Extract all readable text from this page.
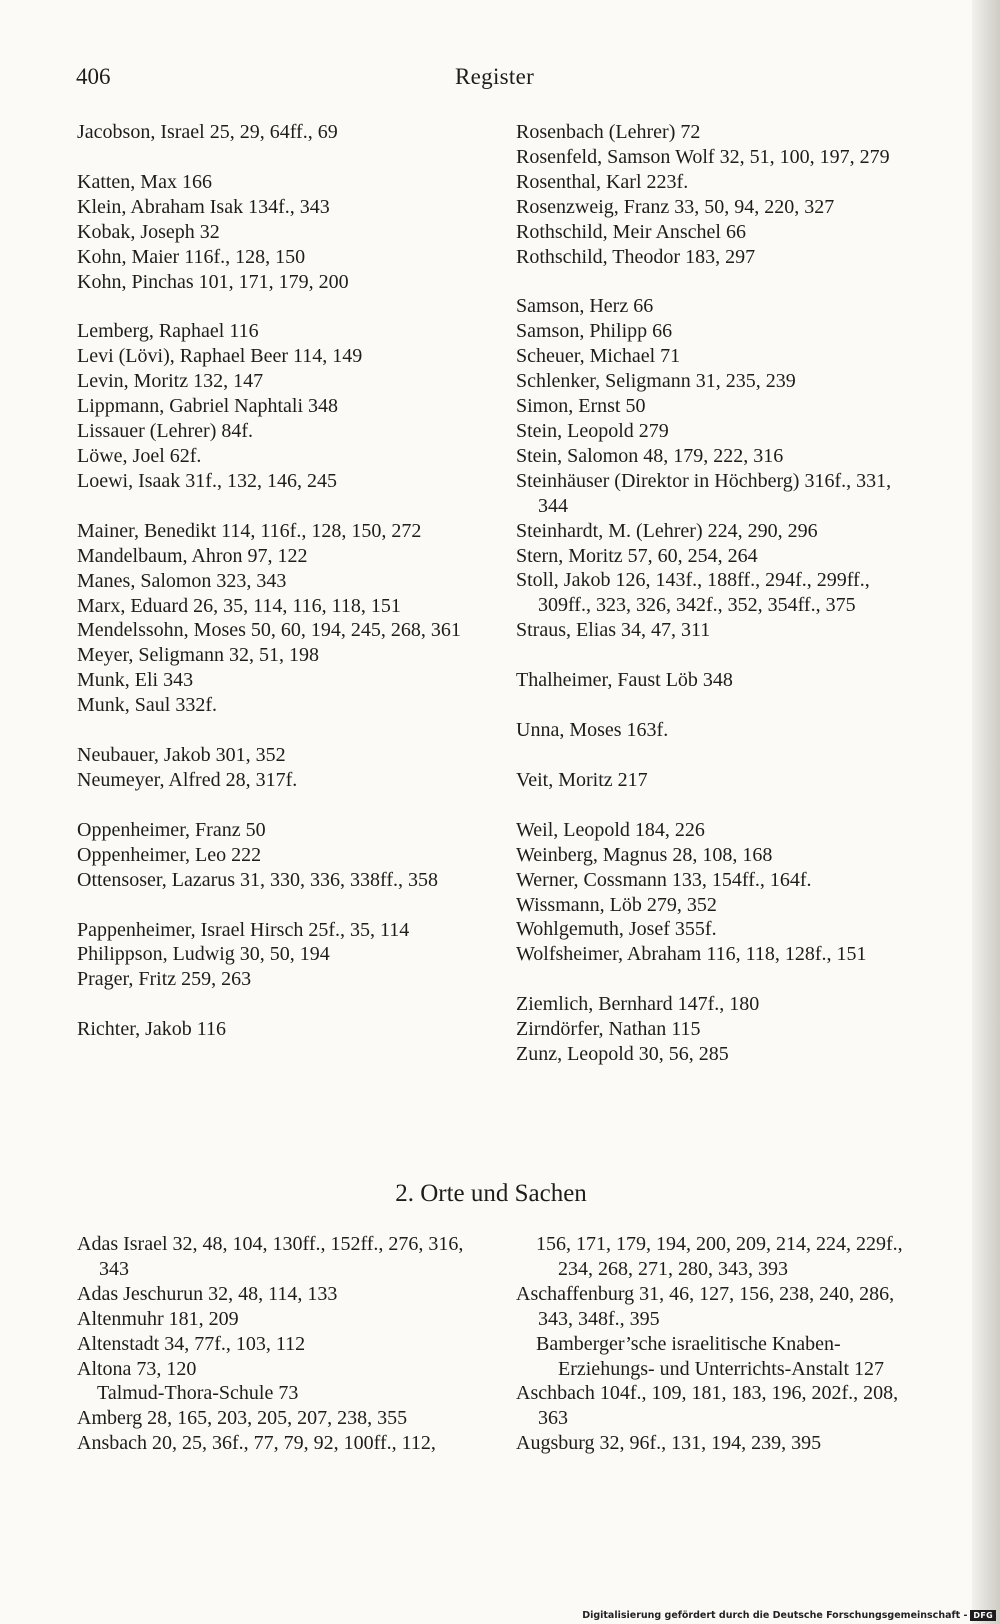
406	Register

Jacobson, Israel 25, 29, 64ff., 69

Katten, Max 166

Klein, Abraham Isak 134f., 343

Kobak, Joseph 32

Kohn, Maier 116f., 128, 150

Kohn, Pinchas 101, 171, 179, 200

Lemberg, Raphael 116

Levi (Lövi), Raphael Beer 114, 149

Levin, Moritz 132, 147

Lippmann, Gabriel Naphtali 348

Lissauer (Lehrer) 84f.

Löwe, Joel 62f.

Loewi, Isaak 31f., 132, 146, 245

Mainer, Benedikt 114, 116f., 128, 150, 272

Mandelbaum, Ahron 97, 122

Manes, Salomon 323, 343

Marx, Eduard 26, 35, 114, 116, 118, 151

Mendelssohn, Moses 50, 60, 194, 245, 268, 361

Meyer, Seligmann 32, 51, 198

Munk, Eli 343

Munk, Saul 332f.

Neubauer, Jakob 301, 352

Neumeyer, Alfred 28, 317f.

Oppenheimer, Franz 50

Oppenheimer, Leo 222

Ottensoser, Lazarus 31, 330, 336, 338ff., 358

Pappenheimer, Israel Hirsch 25f., 35, 114

Philippson, Ludwig 30, 50, 194

Prager, Fritz 259, 263

Richter, Jakob 116

Rosenbach (Lehrer) 72

Rosenfeld, Samson Wolf 32, 51, 100, 197, 279

Rosenthal, Karl 223f.

Rosenzweig, Franz 33, 50, 94, 220, 327

Rothschild, Meir Anschel 66

Rothschild, Theodor 183, 297

Samson, Herz 66

Samson, Philipp 66

Scheuer, Michael 71

Schlenker, Seligmann 31, 235, 239

Simon, Ernst 50

Stein, Leopold 279

Stein, Salomon 48, 179, 222, 316

Steinhäuser (Direktor in Höchberg) 316f., 331, 344

Steinhardt, M. (Lehrer) 224, 290, 296

Stern, Moritz 57, 60, 254, 264

Stoll, Jakob 126, 143f., 188ff., 294f., 299ff., 309ff., 323, 326, 342f., 352, 354ff., 375

Straus, Elias 34, 47, 311

Thalheimer, Faust Löb 348

Unna, Moses 163f.

Veit, Moritz 217

Weil, Leopold 184, 226

Weinberg, Magnus 28, 108, 168

Werner, Cossmann 133, 154ff., 164f.

Wissmann, Löb 279, 352

Wohlgemuth, Josef 355f.

Wolfsheimer, Abraham 116, 118, 128f., 151

Ziemlich, Bernhard 147f., 180

Zirndörfer, Nathan 115

Zunz, Leopold 30, 56, 285

2. Orte und Sachen

Adas Israel 32, 48, 104, 130ff., 152ff., 276, 316, 343

Adas Jeschurun 32, 48, 114, 133

Altenmuhr 181, 209

Altenstadt 34, 77f., 103, 112

Altona 73, 120

Talmud-Thora-Schule 73

Amberg 28, 165, 203, 205, 207, 238, 355

Ansbach 20, 25, 36f., 77, 79, 92, 100ff., 112,

156, 171, 179, 194, 200, 209, 214, 224, 229f., 234, 268, 271, 280, 343, 393

Aschaffenburg 31, 46, 127, 156, 238, 240, 286, 343, 348f., 395

Bamberger’sche israelitische Knaben-Erziehungs- und Unterrichts-Anstalt 127

Aschbach 104f., 109, 181, 183, 196, 202f., 208, 363

Augsburg 32, 96f., 131, 194, 239, 395

Digitalisierung gefördert durch die Deutsche Forschungsgemeinschaft - DFG
